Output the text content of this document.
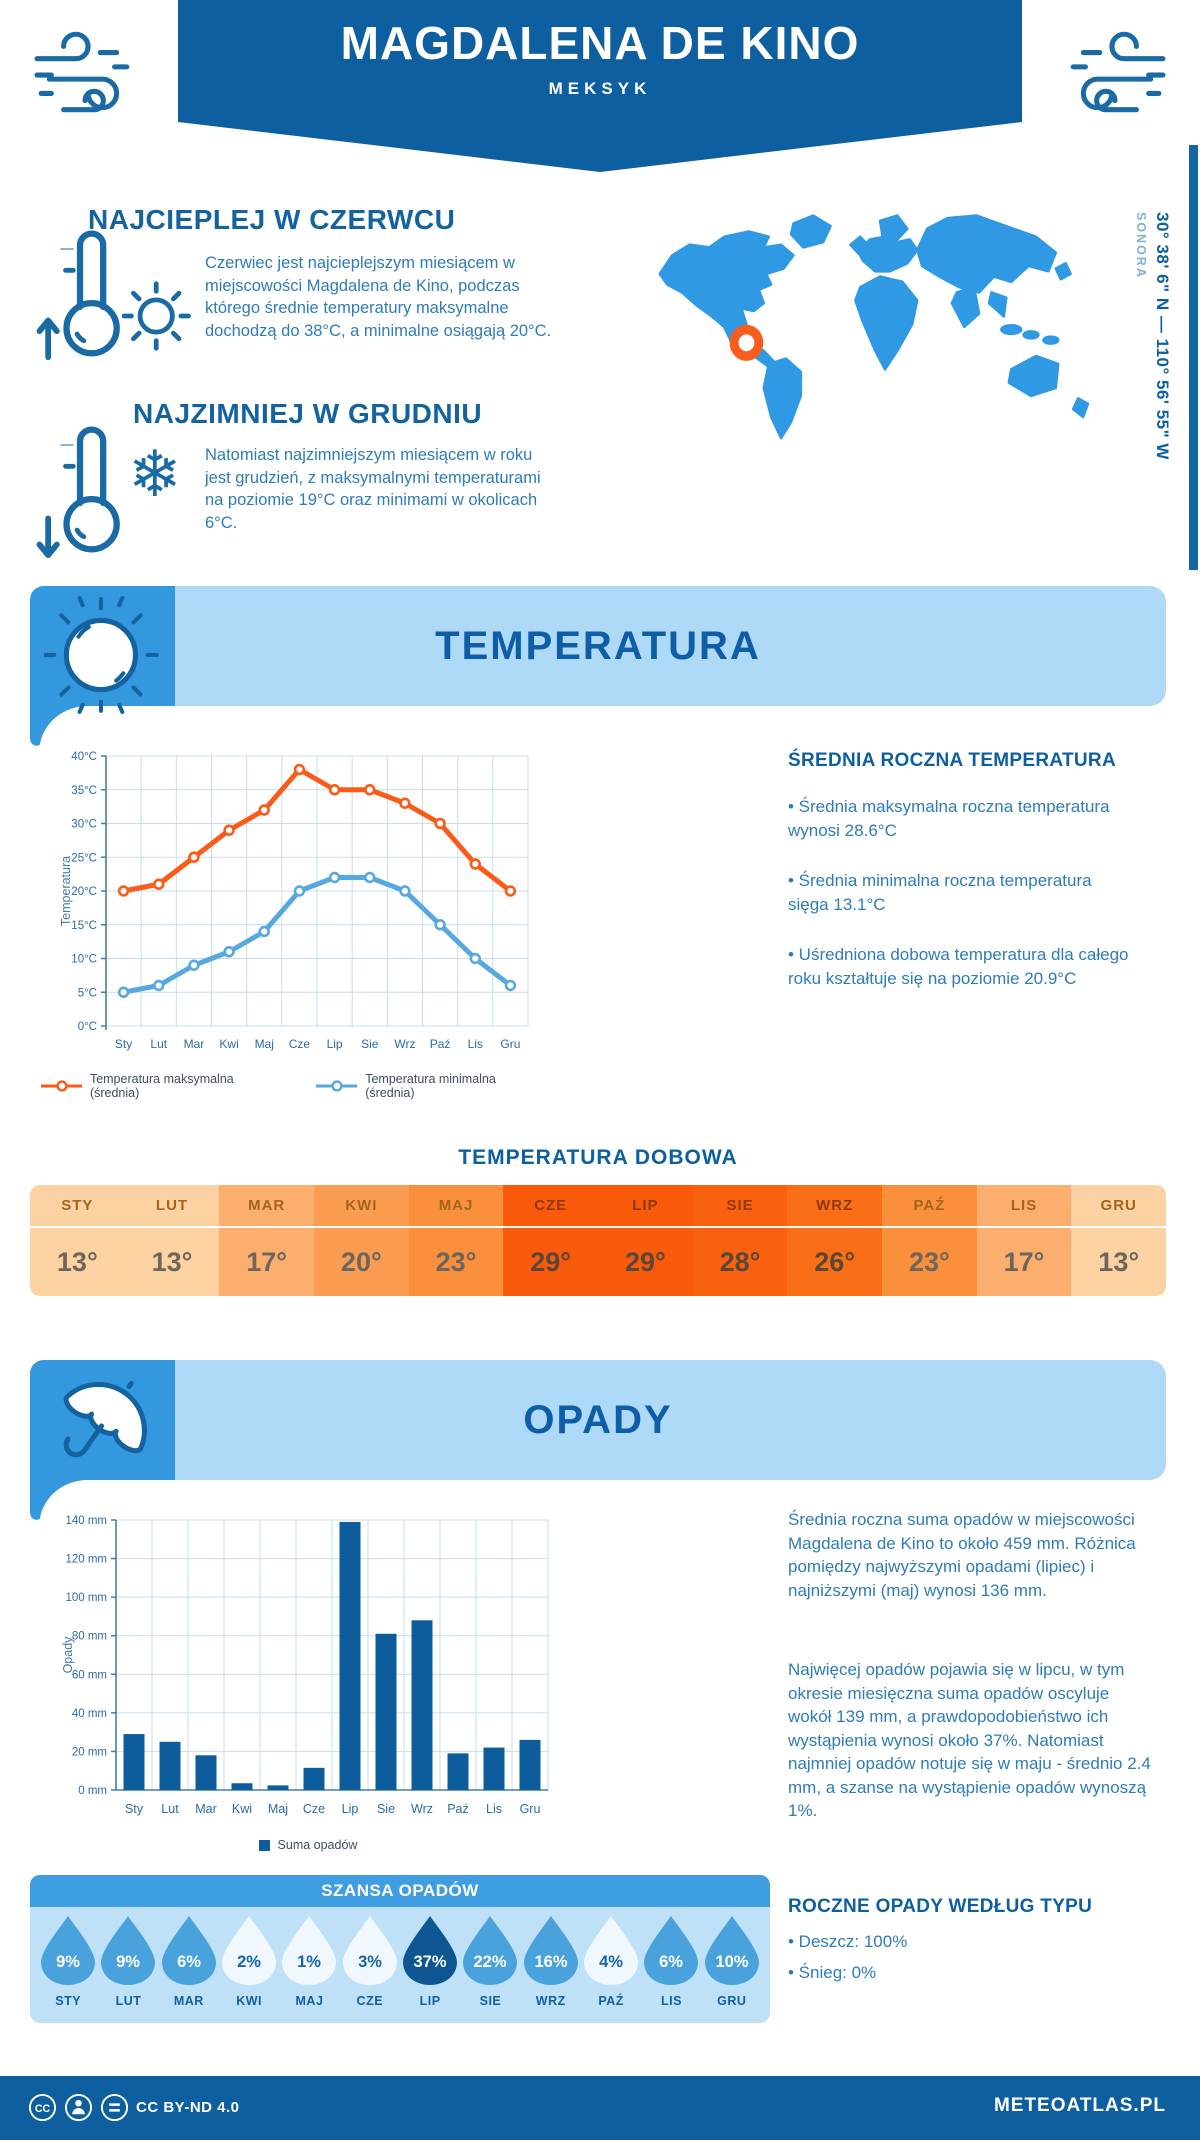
MAGDALENA DE KINO
MEKSYK
NAJCIEPLEJ W CZERWCU
Czerwiec jest najcieplejszym miesiącem w miejscowości Magdalena de Kino, podczas którego średnie temperatury maksymalne dochodzą do 38°C, a minimalne osiągają 20°C.
NAJZIMNIEJ W GRUDNIU
❄ Natomiast najzimniejszym miesiącem w roku jest grudzień, z maksymalnymi temperaturami na poziomie 19°C oraz minimami w okolicach 6°C.
30° 38' 6" N — 110° 56' 55" W
SONORA
TEMPERATURA
0°C
5°C
10°C
15°C
20°C
25°C
30°C
35°C
40°C
Sty Lut Mar Kwi Maj Cze Lip Sie Wrz Paź Lis Gru
Temperatura
Temperatura maksymalna (średnia)
Temperatura minimalna (średnia)
ŚREDNIA ROCZNA TEMPERATURA
• Średnia maksymalna roczna temperatura wynosi 28.6°C
• Średnia minimalna roczna temperatura sięga 13.1°C
• Uśredniona dobowa temperatura dla całego roku kształtuje się na poziomie 20.9°C
TEMPERATURA DOBOWA
STY	LUT	MAR	KWI	MAJ	CZE	LIP	SIE	WRZ	PAŹ	LIS	GRU
13°	13°	17°	20°	23°	29°	29°	28°	26°	23°	17°	13°
OPADY
0 mm
20 mm
40 mm
60 mm
80 mm
100 mm
120 mm
140 mm
Sty Lut Mar Kwi Maj Cze Lip Sie Wrz Paź Lis Gru
Opady
Suma opadów
Średnia roczna suma opadów w miejscowości Magdalena de Kino to około 459 mm. Różnica pomiędzy najwyższymi opadami (lipiec) i najniższymi (maj) wynosi 136 mm.
Najwięcej opadów pojawia się w lipcu, w tym okresie miesięczna suma opadów oscyluje wokół 139 mm, a prawdopodobieństwo ich wystąpienia wynosi około 37%. Natomiast najmniej opadów notuje się w maju - średnio 2.4 mm, a szanse na wystąpienie opadów wynoszą 1%.
SZANSA OPADÓW
9%
STY
9%
LUT
6%
MAR
2%
KWI
1%
MAJ
3%
CZE
37%
LIP
22%
SIE
16%
WRZ
4%
PAŹ
6%
LIS
10%
GRU
ROCZNE OPADY WEDŁUG TYPU
• Deszcz: 100%
• Śnieg: 0%
CC	CC BY-ND 4.0	METEOATLAS.PL
